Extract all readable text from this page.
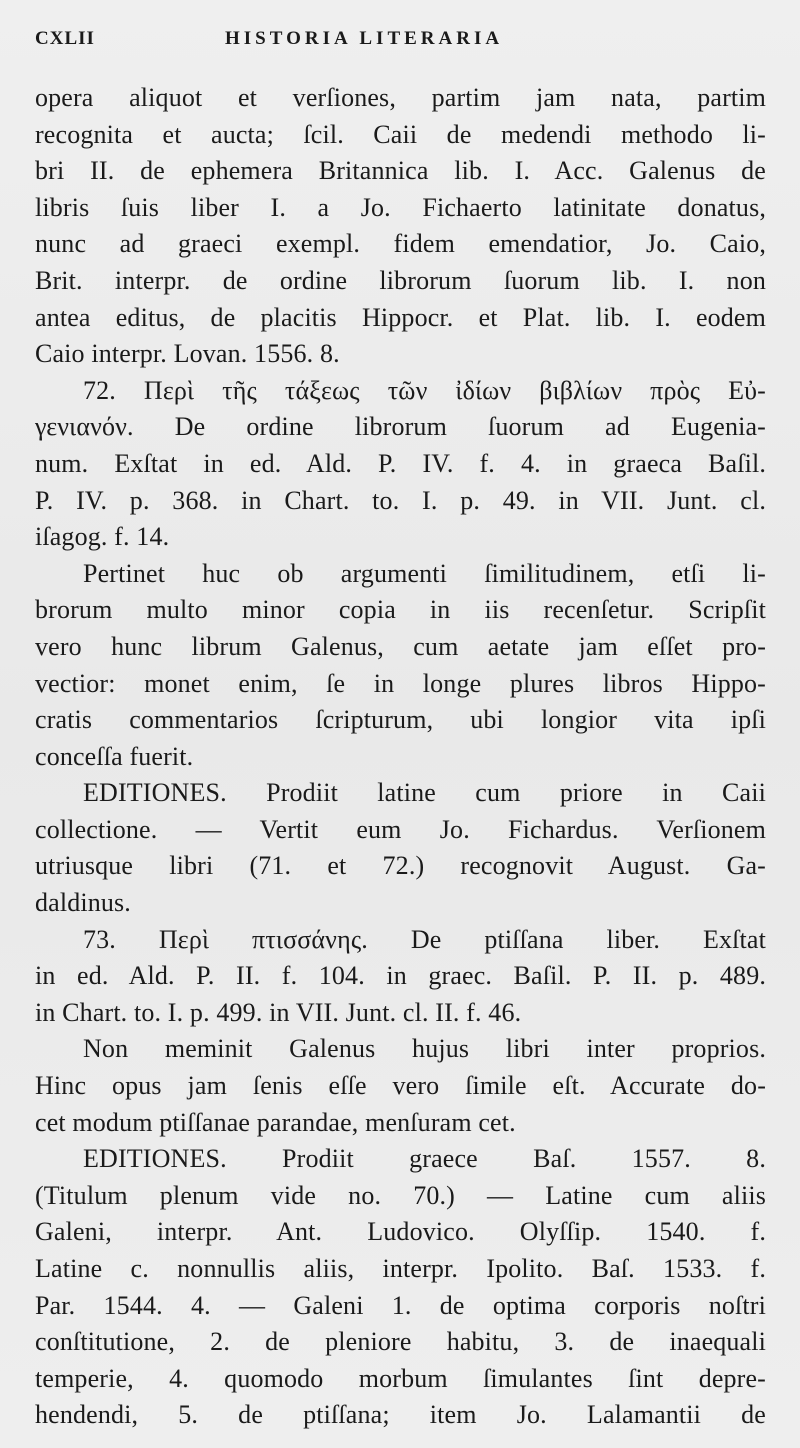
CXLII	HISTORIA LITERARIA
opera aliquot et verſiones, partim jam nata, partim
recognita et aucta; ſcil. Caii de medendi methodo li-
bri II. de ephemera Britannica lib. I. Acc. Galenus de
libris ſuis liber I. a Jo. Fichaerto latinitate donatus,
nunc ad graeci exempl. fidem emendatior, Jo. Caio,
Brit. interpr. de ordine librorum ſuorum lib. I. non
antea editus, de placitis Hippocr. et Plat. lib. I. eodem
Caio interpr. Lovan. 1556. 8.
72. Περὶ τῆς τάξεως τῶν ἰδίων βιβλίων πρὸς Εὐ-
γενιανόν. De ordine librorum ſuorum ad Eugenia-
num. Exſtat in ed. Ald. P. IV. f. 4. in graeca Baſil.
P. IV. p. 368. in Chart. to. I. p. 49. in VII. Junt. cl.
iſagog. f. 14.
Pertinet huc ob argumenti ſimilitudinem, etſi li-
brorum multo minor copia in iis recenſetur. Scripſit
vero hunc librum Galenus, cum aetate jam eſſet pro-
vectior: monet enim, ſe in longe plures libros Hippo-
cratis commentarios ſcripturum, ubi longior vita ipſi
conceſſa fuerit.
EDITIONES. Prodiit latine cum priore in Caii
collectione. — Vertit eum Jo. Fichardus. Verſionem
utriusque libri (71. et 72.) recognovit August. Ga-
daldinus.
73. Περὶ πτισσάνης. De ptiſſana liber. Exſtat
in ed. Ald. P. II. f. 104. in graec. Baſil. P. II. p. 489.
in Chart. to. I. p. 499. in VII. Junt. cl. II. f. 46.
Non meminit Galenus hujus libri inter proprios.
Hinc opus jam ſenis eſſe vero ſimile eſt. Accurate do-
cet modum ptiſſanae parandae, menſuram cet.
EDITIONES. Prodiit graece Baſ. 1557. 8.
(Titulum plenum vide no. 70.) — Latine cum aliis
Galeni, interpr. Ant. Ludovico. Olyſſip. 1540. f.
Latine c. nonnullis aliis, interpr. Ipolito. Baſ. 1533. f.
Par. 1544. 4. — Galeni 1. de optima corporis noſtri
conſtitutione, 2. de pleniore habitu, 3. de inaequali
temperie, 4. quomodo morbum ſimulantes ſint depre-
hendendi, 5. de ptiſſana; item Jo. Lalamantii de
